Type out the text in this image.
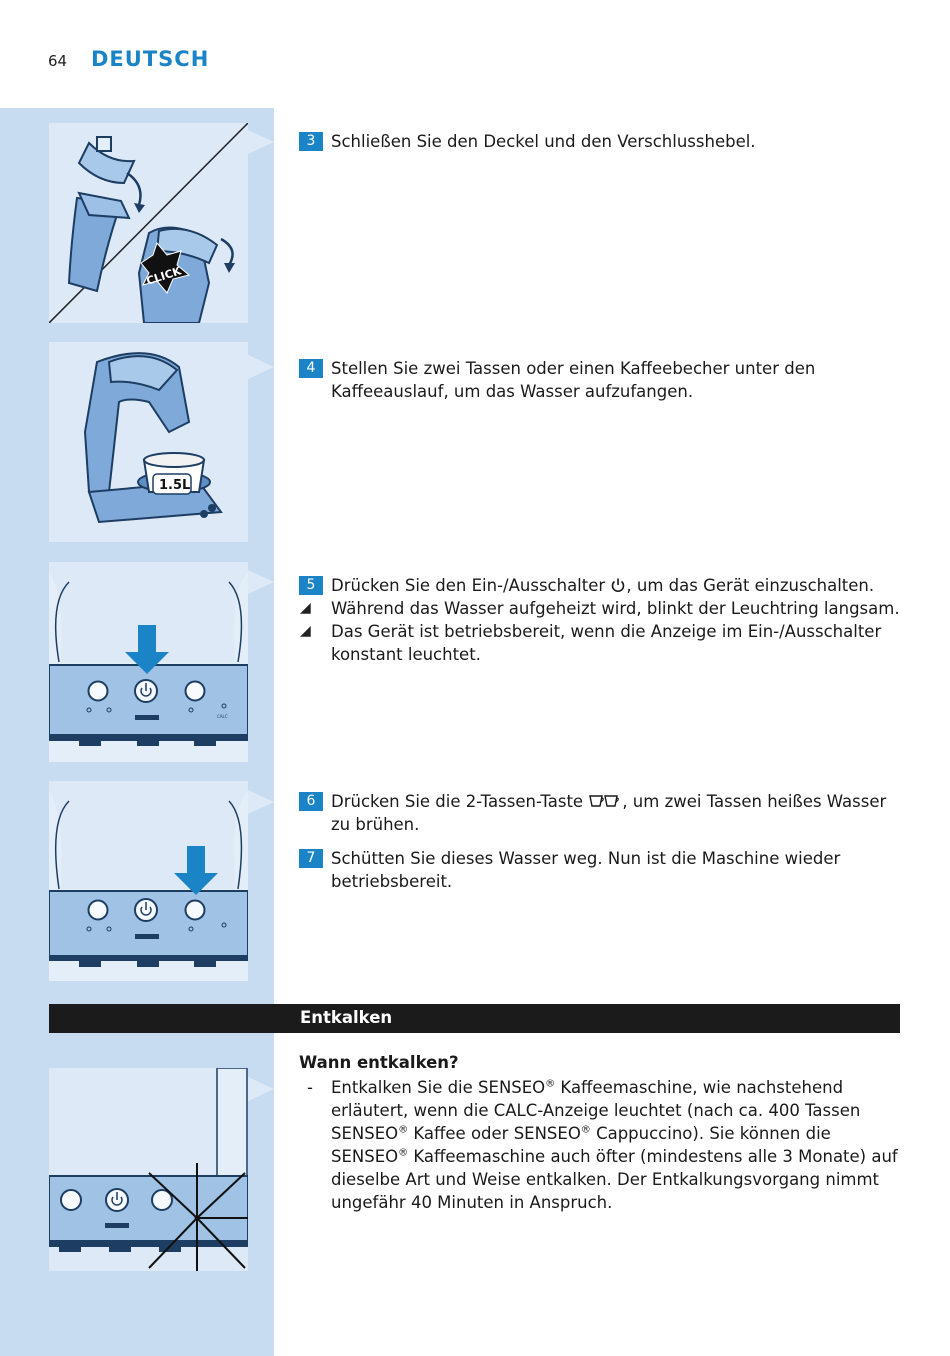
64 DEUTSCH
CLICK
1.5L
CALC
3 Schließen Sie den Deckel und den Verschlusshebel.
4 Stellen Sie zwei Tassen oder einen Kaffeebecher unter den Kaffeeauslauf, um das Wasser aufzufangen.
5 Drücken Sie den Ein-/Ausschalter , um das Gerät einzuschalten.
◢ Während das Wasser aufgeheizt wird, blinkt der Leuchtring langsam.
◢ Das Gerät ist betriebsbereit, wenn die Anzeige im Ein-/Ausschalter konstant leuchtet.
6 Drücken Sie die 2-Tassen-Taste , um zwei Tassen heißes Wasser zu brühen.
7 Schütten Sie dieses Wasser weg. Nun ist die Maschine wieder betriebsbereit.
Entkalken
Wann entkalken?
- Entkalken Sie die SENSEO® Kaffeemaschine, wie nachstehend erläutert, wenn die CALC-Anzeige leuchtet (nach ca. 400 Tassen SENSEO® Kaffee oder SENSEO® Cappuccino). Sie können die SENSEO® Kaffeemaschine auch öfter (mindestens alle 3 Monate) auf dieselbe Art und Weise entkalken. Der Entkalkungsvorgang nimmt ungefähr 40 Minuten in Anspruch.
